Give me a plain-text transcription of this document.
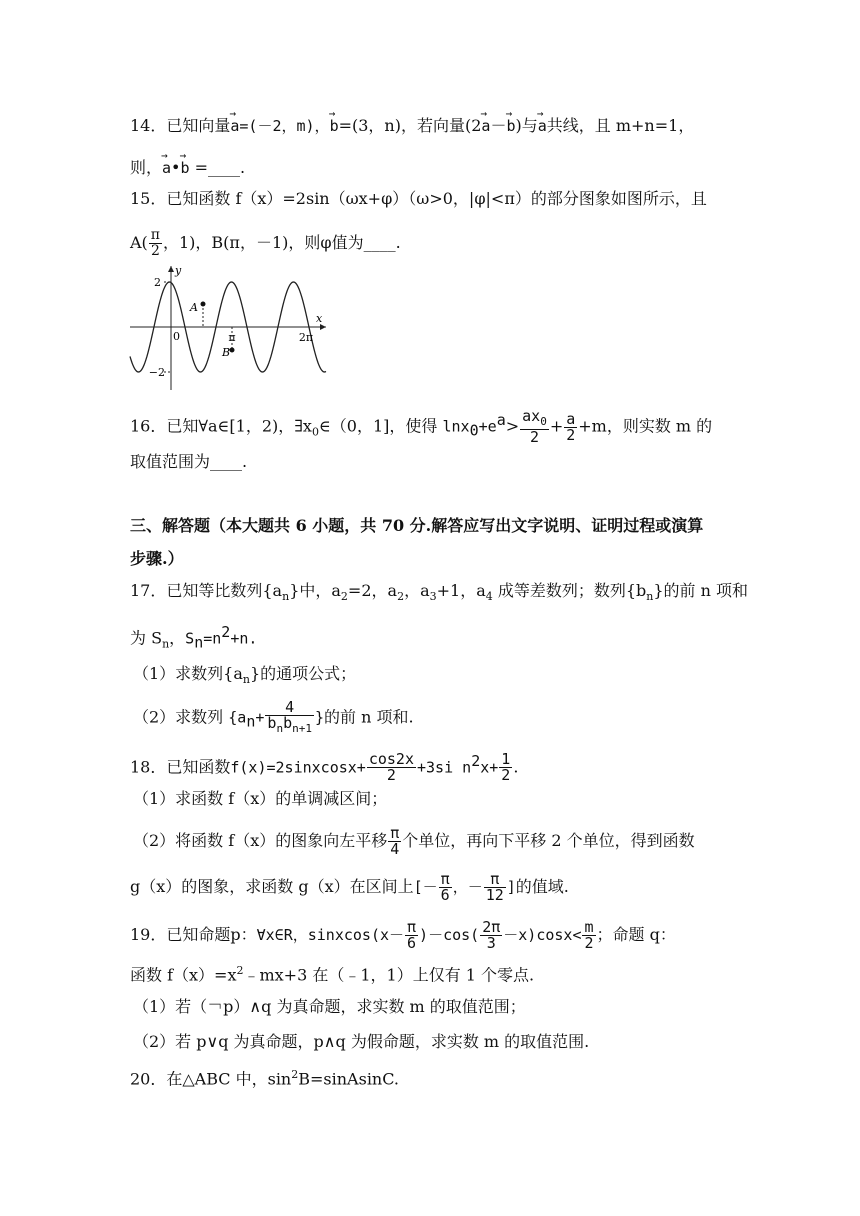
14．已知向量→ a=(－2，m)，→ b=(3，n)，若向量(2→ a－→ b)与→ a共线，且 m+n=1，
则，→ a•→ b =____.
15．已知函数 f（x）=2sin（ωx+φ）（ω>0，|φ|<π）的部分图象如图所示，且
$A( \frac{\pi}{2}$ ，1)，B(π，－1)，则φ值为____.
2
−2
0
y
x
π	2π
A
B
16．已知∀a∈[1，2)，$\exists x_0\in(0$，1]，使得 $\ln x_0+e^a> \frac{ax_0}{2} + \frac{a}{2} +m$，则实数 m 的
取值范围为____.
三、解答题（本大题共 6 小题，共 70 分.解答应写出文字说明、证明过程或演算
步骤.）
17．已知等比数列$\{a_n\}$中，$a_2=2$，$a_2$，$a_3+1$，$a_4$ 成等差数列；数列$\{b_n\}$的前 n 项和
为 $S_n$，$S_n=n^2+n$.
（1）求数列$\{a_n\}$的通项公式；
（2）求数列 {$a_n+ \frac{4}{b_nb_{n+1}}$ }的前 n 项和.
18．已知函数f(x)=2sinxcosx+ $\frac{\cos 2x}{2} +3si$ $n^2x+ \frac{1}{2}$ .
（1）求函数 f（x）的单调减区间；
（2）将函数 f（x）的图象向左平移 $\frac{\pi}{4}$ 个单位，再向下平移 2 个单位，得到函数
g（x）的图象，求函数 g（x）在区间上[－ $\frac{\pi}{6}$ ，－ $\frac{\pi}{12}$ ]的值域.
19．已知命题p：∀x∈R，sinxcos(x－ $\frac{\pi}{6} )-\cos( \frac{2\pi}{3} -x)\cos x< \frac{m}{2}$ ；命题 q：
函数 $f(x)=x^2﹣mx+3$ 在（﹣1，1）上仅有 1 个零点.
（1）若（￢p）∧q 为真命题，求实数 m 的取值范围；
（2）若 p∨q 为真命题，p∧q 为假命题，求实数 m 的取值范围.
20．在△ABC 中，$\sin^2B=sinAsinC$.
